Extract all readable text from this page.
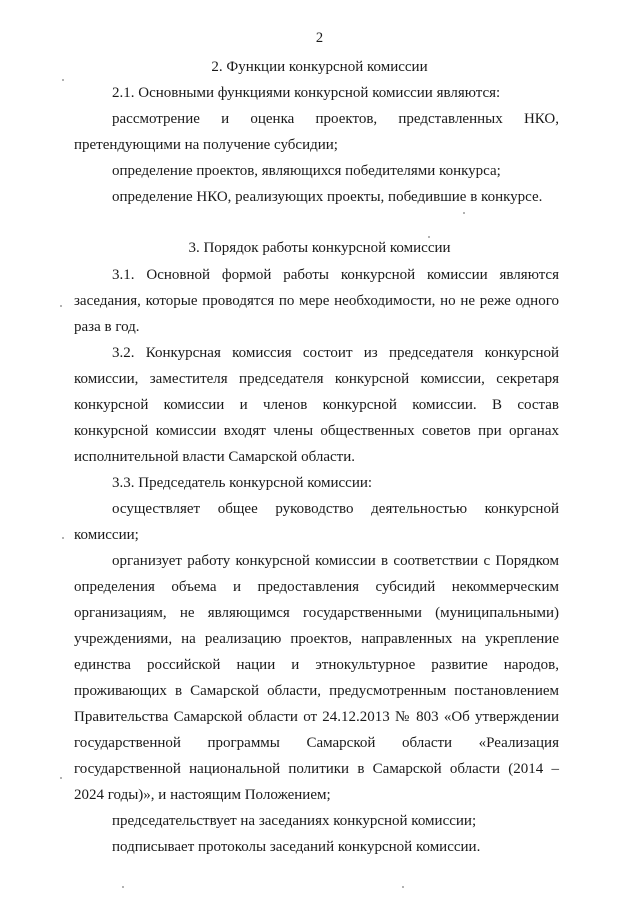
2
2. Функции конкурсной комиссии

2.1. Основными функциями конкурсной комиссии являются:

рассмотрение и оценка проектов, представленных НКО,
претендующими на получение субсидии;

определение проектов, являющихся победителями конкурса;

определение НКО, реализующих проекты, победившие в конкурсе.

3. Порядок работы конкурсной комиссии

3.1. Основной формой работы конкурсной комиссии являются
заседания, которые проводятся по мере необходимости, но не реже одного
раза в год.

3.2. Конкурсная комиссия состоит из председателя конкурсной
комиссии, заместителя председателя конкурсной комиссии, секретаря
конкурсной комиссии и членов конкурсной комиссии. В состав
конкурсной комиссии входят члены общественных советов при органах
исполнительной власти Самарской области.

3.3. Председатель конкурсной комиссии:

осуществляет общее руководство деятельностью конкурсной
комиссии;

организует работу конкурсной комиссии в соответствии с Порядком
определения объема и предоставления субсидий некоммерческим
организациям, не являющимся государственными (муниципальными)
учреждениями, на реализацию проектов, направленных на укрепление
единства российской нации и этнокультурное развитие народов,
проживающих в Самарской области, предусмотренным постановлением
Правительства Самарской области от 24.12.2013 № 803 «Об утверждении
государственной программы Самарской области «Реализация
государственной национальной политики в Самарской области (2014 –
2024 годы)», и настоящим Положением;

председательствует на заседаниях конкурсной комиссии;

подписывает протоколы заседаний конкурсной комиссии.
